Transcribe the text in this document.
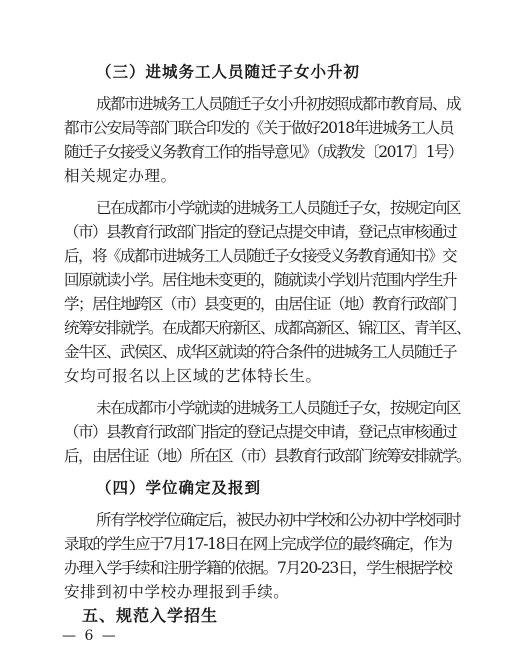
（三）进城务工人员随迁子女小升初
成都市进城务工人员随迁子女小升初按照成都市教育局、成
都市公安局等部门联合印发的《关于做好2018年进城务工人员
随迁子女接受义务教育工作的指导意见》（成教发〔2017〕1号）
相关规定办理。
已在成都市小学就读的进城务工人员随迁子女，按规定向区
（市）县教育行政部门指定的登记点提交申请，登记点审核通过
后，将《成都市进城务工人员随迁子女接受义务教育通知书》交
回原就读小学。居住地未变更的，随就读小学划片范围内学生升
学；居住地跨区（市）县变更的，由居住证（地）教育行政部门
统筹安排就学。在成都天府新区、成都高新区、锦江区、青羊区、
金牛区、武侯区、成华区就读的符合条件的进城务工人员随迁子
女均可报名以上区域的艺体特长生。
未在成都市小学就读的进城务工人员随迁子女，按规定向区
（市）县教育行政部门指定的登记点提交申请，登记点审核通过
后，由居住证（地）所在区（市）县教育行政部门统筹安排就学。
（四）学位确定及报到
所有学校学位确定后，被民办初中学校和公办初中学校同时
录取的学生应于7月17-18日在网上完成学位的最终确定，作为
办理入学手续和注册学籍的依据。7月20-23日，学生根据学校
安排到初中学校办理报到手续。
五、规范入学招生
— 6 —
